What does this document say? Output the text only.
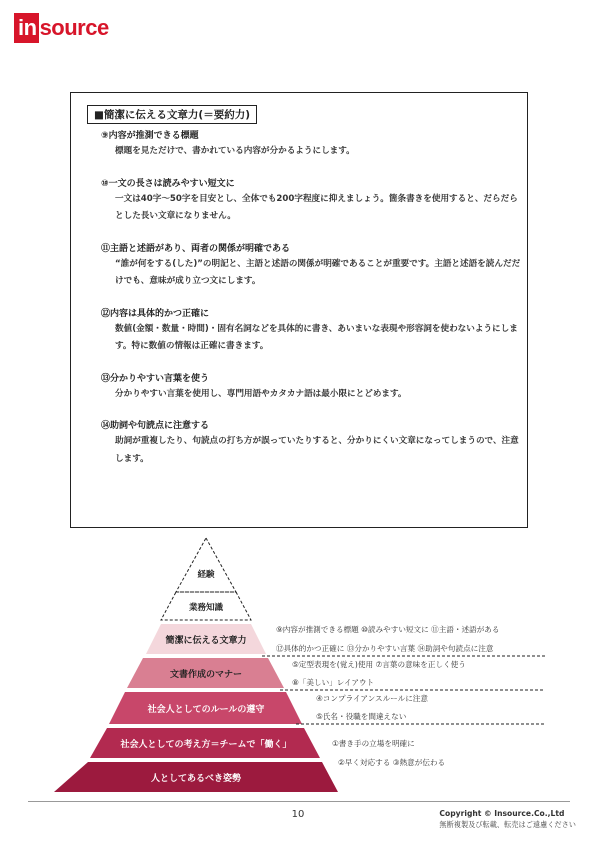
in source
■簡潔に伝える文章力(＝要約力)
⑨内容が推測できる標題
標題を見ただけで、書かれている内容が分かるようにします。
⑩一文の長さは読みやすい短文に
一文は40字～50字を目安とし、全体でも200字程度に抑えましょう。箇条書きを使用すると、だらだらとした長い文章になりません。
⑪主語と述語があり、両者の関係が明確である
“誰が何をする(した)”の明記と、主語と述語の関係が明確であることが重要です。主語と述語を読んだだけでも、意味が成り立つ文にします。
⑫内容は具体的かつ正確に
数値(金額・数量・時間)・固有名詞などを具体的に書き、あいまいな表現や形容詞を使わないようにします。特に数値の情報は正確に書きます。
⑬分かりやすい言葉を使う
分かりやすい言葉を使用し、専門用語やカタカナ語は最小限にとどめます。
⑭助詞や句読点に注意する
助詞が重複したり、句読点の打ち方が誤っていたりすると、分かりにくい文章になってしまうので、注意します。
経験
業務知識
簡潔に伝える文章力
文書作成のマナー
社会人としてのルールの遵守
社会人としての考え方＝チームで「働く」
人としてあるべき姿勢
⑨内容が推測できる標題 ⑩読みやすい短文に ⑪主語・述語がある
⑫具体的かつ正確に ⑬分かりやすい言葉 ⑭助詞や句読点に注意
⑤定型表現を(覚え)使用 ⑦言葉の意味を正しく使う
⑧「美しい」レイアウト
④コンプライアンスルールに注意
⑤氏名・役職を間違えない
①書き手の立場を明確に
②早く対応する ③熱意が伝わる
10	Copyright © Insource.Co.,Ltd
無断複製及び転載、転売はご遠慮ください
